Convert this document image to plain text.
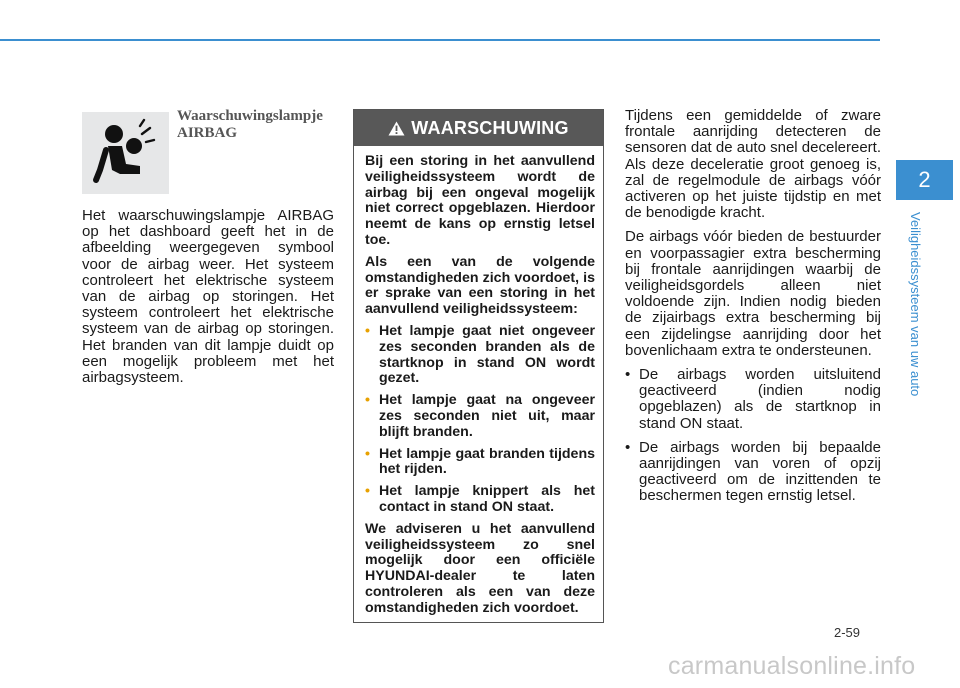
Waarschuwingslampje AIRBAG

Het waarschuwingslampje AIRBAG op het dashboard geeft het in de afbeelding weergegeven symbool voor de airbag weer. Het systeem controleert het elektrische systeem van de airbag op storingen. Het systeem controleert het elektrische systeem van de airbag op storingen. Het branden van dit lampje duidt op een mogelijk probleem met het airbagsysteem.

WAARSCHUWING

Bij een storing in het aanvullend veiligheidssysteem wordt de airbag bij een ongeval mogelijk niet correct opgeblazen. Hierdoor neemt de kans op ernstig letsel toe.

Als een van de volgende omstandigheden zich voordoet, is er sprake van een storing in het aanvullend veiligheidssysteem:

• Het lampje gaat niet ongeveer zes seconden branden als de startknop in stand ON wordt gezet.
• Het lampje gaat na ongeveer zes seconden niet uit, maar blijft branden.
• Het lampje gaat branden tijdens het rijden.
• Het lampje knippert als het contact in stand ON staat.

We adviseren u het aanvullend veiligheidssysteem zo snel mogelijk door een officiële HYUNDAI-dealer te laten controleren als een van deze omstandigheden zich voordoet.

Tijdens een gemiddelde of zware frontale aanrijding detecteren de sensoren dat de auto snel decelereert. Als deze deceleratie groot genoeg is, zal de regelmodule de airbags vóór activeren op het juiste tijdstip en met de benodigde kracht.

De airbags vóór bieden de bestuurder en voorpassagier extra bescherming bij frontale aanrijdingen waarbij de veiligheidsgordels alleen niet voldoende zijn. Indien nodig bieden de zijairbags extra bescherming bij een zijdelingse aanrijding door het bovenlichaam extra te ondersteunen.

• De airbags worden uitsluitend geactiveerd (indien nodig opgeblazen) als de startknop in stand ON staat.
• De airbags worden bij bepaalde aanrijdingen van voren of opzij geactiveerd om de inzittenden te beschermen tegen ernstig letsel.
2
Veiligheidssysteem van uw auto
2-59
carmanualsonline.info
